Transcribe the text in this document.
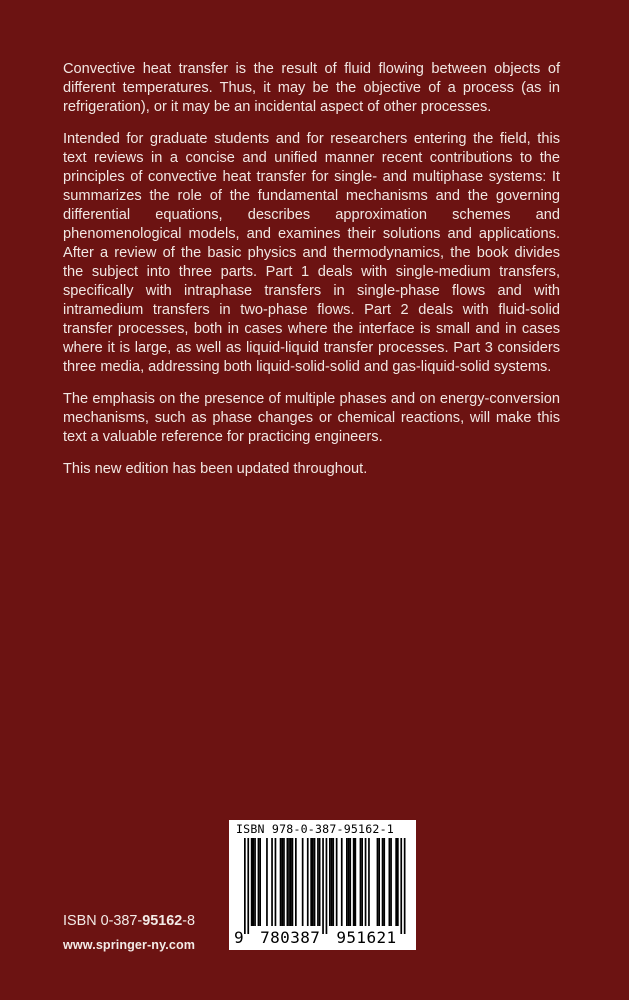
Convective heat transfer is the result of fluid flowing between objects of different temperatures. Thus, it may be the objective of a process (as in refrigeration), or it may be an incidental aspect of other processes.

Intended for graduate students and for researchers entering the field, this text reviews in a concise and unified manner recent contributions to the principles of convective heat transfer for single- and multiphase systems: It summarizes the role of the fundamental mechanisms and the governing differential equations, describes approximation schemes and phenomenological models, and examines their solutions and applications. After a review of the basic physics and thermodynamics, the book divides the subject into three parts. Part 1 deals with single-medium transfers, specifically with intraphase transfers in single-phase flows and with intramedium transfers in two-phase flows. Part 2 deals with fluid-solid transfer processes, both in cases where the interface is small and in cases where it is large, as well as liquid-liquid transfer processes. Part 3 considers three media, addressing both liquid-solid-solid and gas-liquid-solid systems.

The emphasis on the presence of multiple phases and on energy-conversion mechanisms, such as phase changes or chemical reactions, will make this text a valuable reference for practicing engineers.

This new edition has been updated throughout.

ISBN 978-0-387-95162-1
9 780387 951621
ISBN 0-387-95162-8
www.springer-ny.com
